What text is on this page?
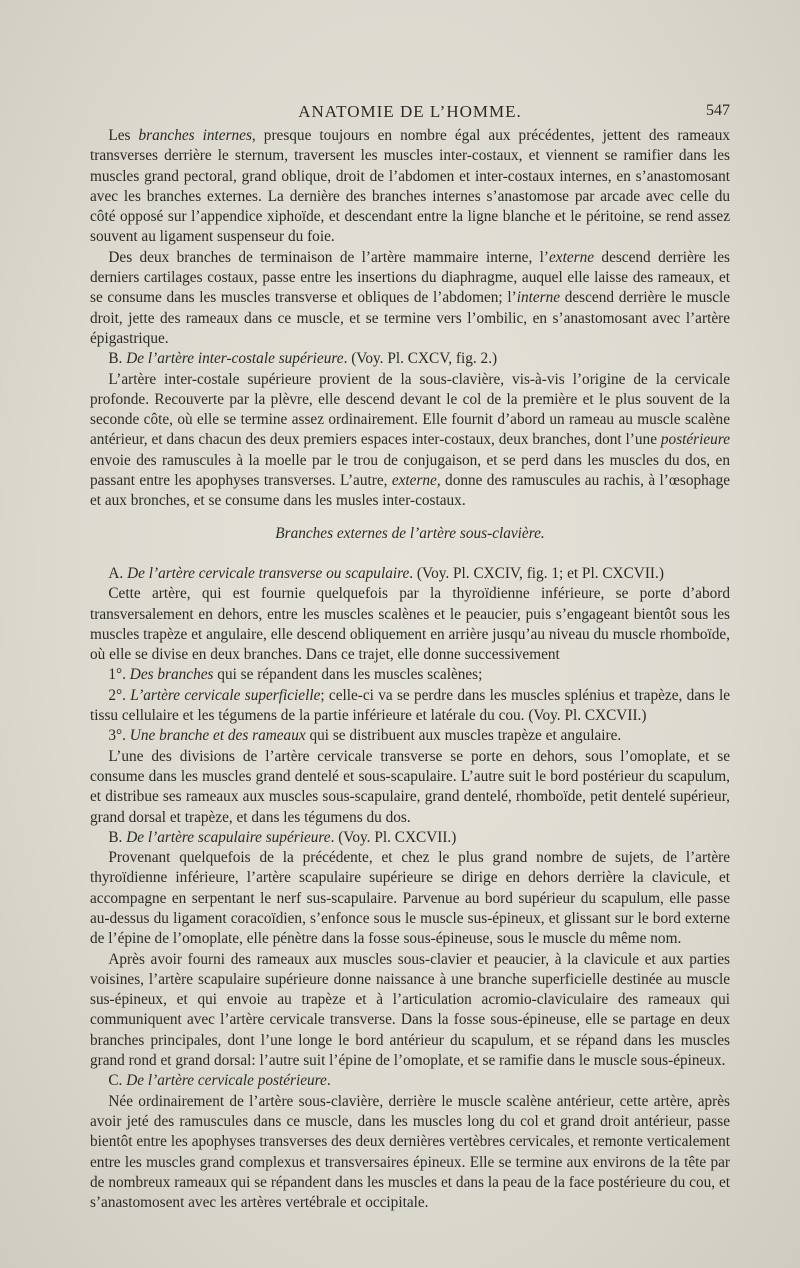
ANATOMIE DE L’HOMME.	547

Les branches internes, presque toujours en nombre égal aux précédentes, jettent des rameaux transverses derrière le sternum, traversent les muscles inter-costaux, et viennent se ramifier dans les muscles grand pectoral, grand oblique, droit de l’abdomen et inter-costaux internes, en s’anastomosant avec les branches externes. La dernière des branches internes s’anastomose par arcade avec celle du côté opposé sur l’appendice xiphoïde, et descendant entre la ligne blanche et le péritoine, se rend assez souvent au ligament suspenseur du foie.

Des deux branches de terminaison de l’artère mammaire interne, l’externe descend derrière les derniers cartilages costaux, passe entre les insertions du diaphragme, auquel elle laisse des rameaux, et se consume dans les muscles transverse et obliques de l’abdomen; l’interne descend derrière le muscle droit, jette des rameaux dans ce muscle, et se termine vers l’ombilic, en s’anastomosant avec l’artère épigastrique.

B. De l’artère inter-costale supérieure. (Voy. Pl. CXCV, fig. 2.)

L’artère inter-costale supérieure provient de la sous-clavière, vis-à-vis l’origine de la cervicale profonde. Recouverte par la plèvre, elle descend devant le col de la première et le plus souvent de la seconde côte, où elle se termine assez ordinairement. Elle fournit d’abord un rameau au muscle scalène antérieur, et dans chacun des deux premiers espaces inter-costaux, deux branches, dont l’une postérieure envoie des ramuscules à la moelle par le trou de conjugaison, et se perd dans les muscles du dos, en passant entre les apophyses transverses. L’autre, externe, donne des ramuscules au rachis, à l’œsophage et aux bronches, et se consume dans les musles inter-costaux.

Branches externes de l’artère sous-clavière.

A. De l’artère cervicale transverse ou scapulaire. (Voy. Pl. CXCIV, fig. 1; et Pl. CXCVII.)

Cette artère, qui est fournie quelquefois par la thyroïdienne inférieure, se porte d’abord transversalement en dehors, entre les muscles scalènes et le peaucier, puis s’engageant bientôt sous les muscles trapèze et angulaire, elle descend obliquement en arrière jusqu’au niveau du muscle rhomboïde, où elle se divise en deux branches. Dans ce trajet, elle donne successivement

1°. Des branches qui se répandent dans les muscles scalènes;

2°. L’artère cervicale superficielle; celle-ci va se perdre dans les muscles splénius et trapèze, dans le tissu cellulaire et les tégumens de la partie inférieure et latérale du cou. (Voy. Pl. CXCVII.)

3°. Une branche et des rameaux qui se distribuent aux muscles trapèze et angulaire.

L’une des divisions de l’artère cervicale transverse se porte en dehors, sous l’omoplate, et se consume dans les muscles grand dentelé et sous-scapulaire. L’autre suit le bord postérieur du scapulum, et distribue ses rameaux aux muscles sous-scapulaire, grand dentelé, rhomboïde, petit dentelé supérieur, grand dorsal et trapèze, et dans les tégumens du dos.

B. De l’artère scapulaire supérieure. (Voy. Pl. CXCVII.)

Provenant quelquefois de la précédente, et chez le plus grand nombre de sujets, de l’artère thyroïdienne inférieure, l’artère scapulaire supérieure se dirige en dehors derrière la clavicule, et accompagne en serpentant le nerf sus-scapulaire. Parvenue au bord supérieur du scapulum, elle passe au-dessus du ligament coracoïdien, s’enfonce sous le muscle sus-épineux, et glissant sur le bord externe de l’épine de l’omoplate, elle pénètre dans la fosse sous-épineuse, sous le muscle du même nom.

Après avoir fourni des rameaux aux muscles sous-clavier et peaucier, à la clavicule et aux parties voisines, l’artère scapulaire supérieure donne naissance à une branche superficielle destinée au muscle sus-épineux, et qui envoie au trapèze et à l’articulation acromio-claviculaire des rameaux qui communiquent avec l’artère cervicale transverse. Dans la fosse sous-épineuse, elle se partage en deux branches principales, dont l’une longe le bord antérieur du scapulum, et se répand dans les muscles grand rond et grand dorsal: l’autre suit l’épine de l’omoplate, et se ramifie dans le muscle sous-épineux.

C. De l’artère cervicale postérieure.

Née ordinairement de l’artère sous-clavière, derrière le muscle scalène antérieur, cette artère, après avoir jeté des ramuscules dans ce muscle, dans les muscles long du col et grand droit antérieur, passe bientôt entre les apophyses transverses des deux dernières vertèbres cervicales, et remonte verticalement entre les muscles grand complexus et transversaires épineux. Elle se termine aux environs de la tête par de nombreux rameaux qui se répandent dans les muscles et dans la peau de la face postérieure du cou, et s’anastomosent avec les artères vertébrale et occipitale.
